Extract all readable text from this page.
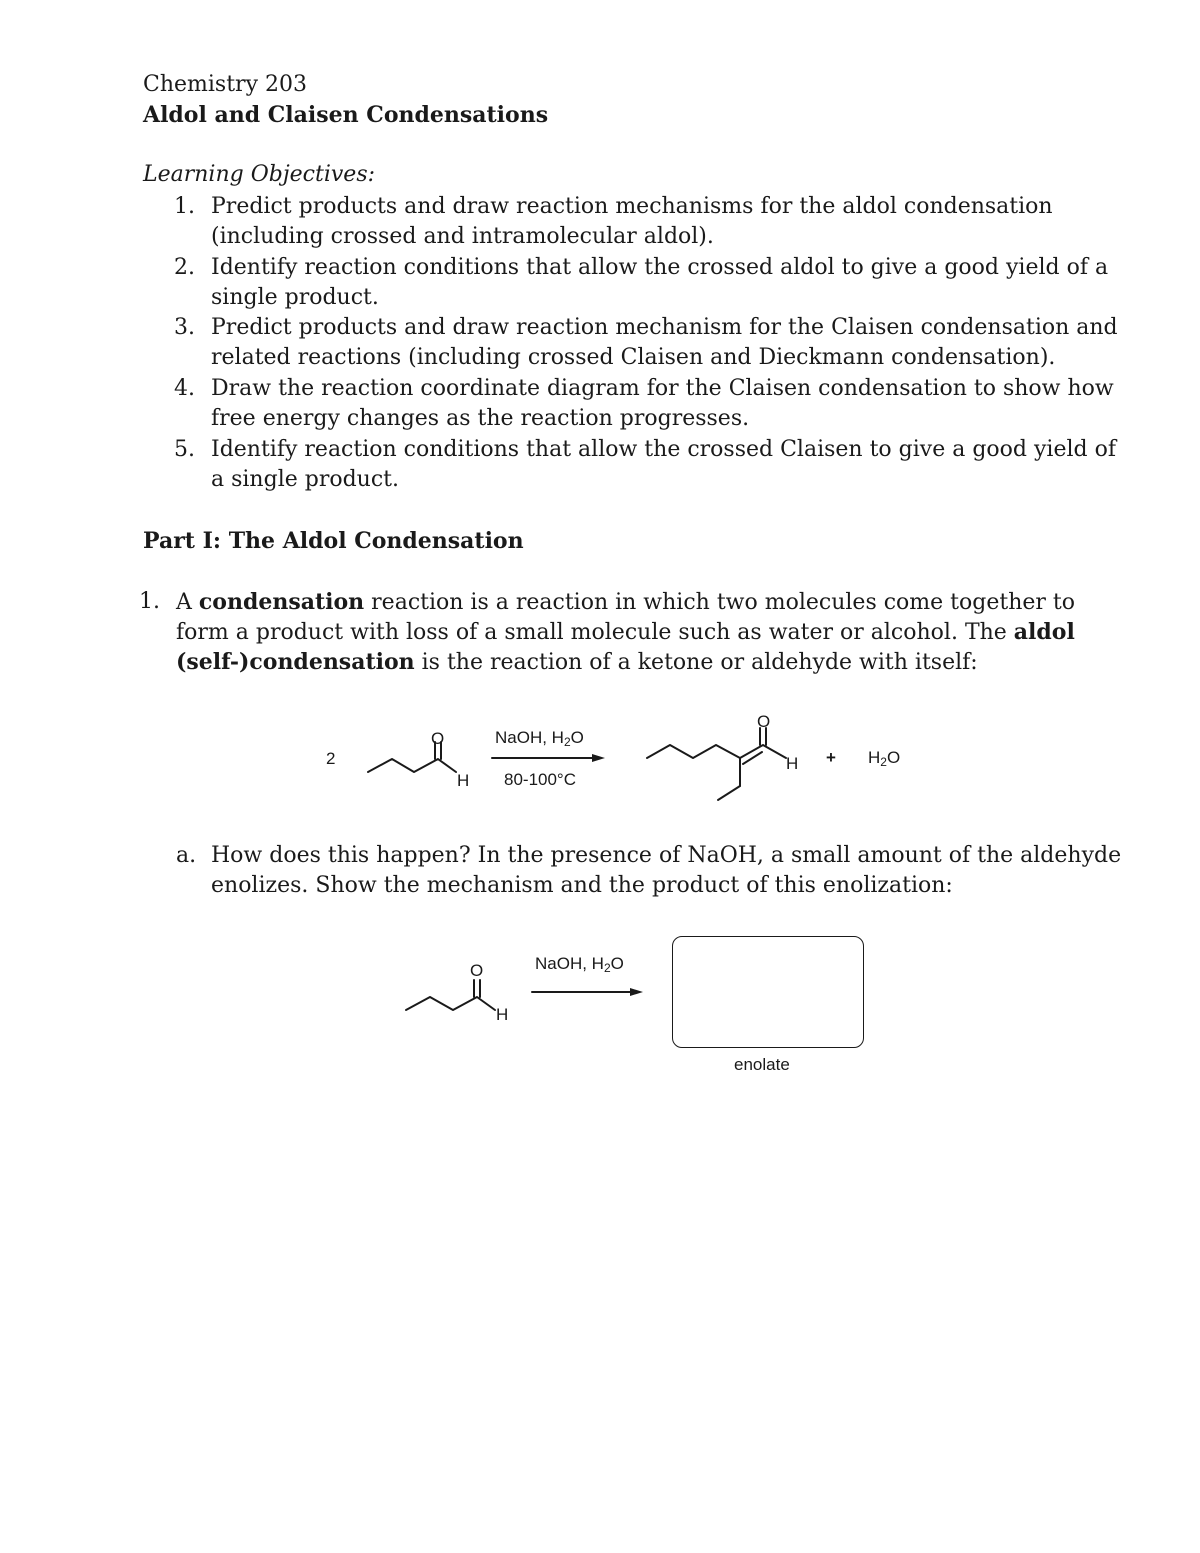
Chemistry 203
Aldol and Claisen Condensations
Learning Objectives:
1. Predict products and draw reaction mechanisms for the aldol condensation
(including crossed and intramolecular aldol).
2. Identify reaction conditions that allow the crossed aldol to give a good yield of a
single product.
3. Predict products and draw reaction mechanism for the Claisen condensation and
related reactions (including crossed Claisen and Dieckmann condensation).
4. Draw the reaction coordinate diagram for the Claisen condensation to show how
free energy changes as the reaction progresses.
5. Identify reaction conditions that allow the crossed Claisen to give a good yield of
a single product.
Part I: The Aldol Condensation
1. A condensation reaction is a reaction in which two molecules come together to
form a product with loss of a small molecule such as water or alcohol. The aldol
(self-)condensation is the reaction of a ketone or aldehyde with itself:
2
O
H
NaOH, $H_2O$
80-100°C
O
$H + H_2O$
a. How does this happen? In the presence of NaOH, a small amount of the aldehyde
enolizes. Show the mechanism and the product of this enolization:
O
H
NaOH, $H_2O$
enolate
